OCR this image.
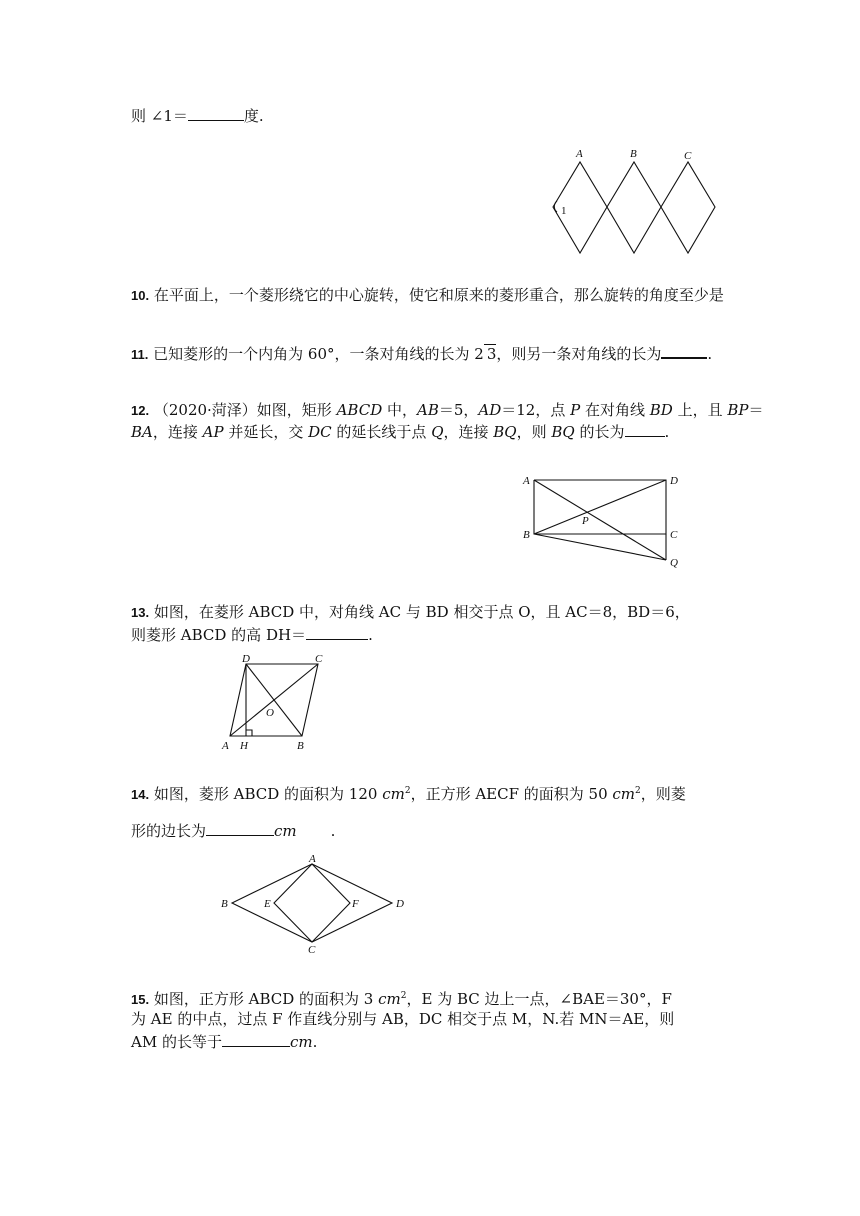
则 ∠1＝	度.
A	B	C
1
10. 在平面上，一个菱形绕它的中心旋转，使它和原来的菱形重合，那么旋转的角度至少是
11. 已知菱形的一个内角为 60°，一条对角线的长为 2 3，则另一条对角线的长为	.
12. （2020·菏泽）如图，矩形 ABCD 中，AB＝5，AD＝12，点 P 在对角线 BD 上，且 BP＝
BA，连接 AP 并延长，交 DC 的延长线于点 Q，连接 BQ，则 BQ 的长为	.
A	D
B	C
P
Q
13. 如图，在菱形 ABCD 中，对角线 AC 与 BD 相交于点 O，且 AC＝8，BD＝6，
则菱形 ABCD 的高 DH＝	.
D	C
A H	B
O
14. 如图，菱形 ABCD 的面积为 120 $cm^2$，正方形 AECF 的面积为 50 $cm^2$，则菱
形的边长为	cm .
A
B	E	F	D
C
15. 如图，正方形 ABCD 的面积为 3 $cm^2$，E 为 BC 边上一点，∠BAE＝30°，F
为 AE 的中点，过点 F 作直线分别与 AB，DC 相交于点 M，N.若 MN＝AE，则
AM 的长等于	cm.
